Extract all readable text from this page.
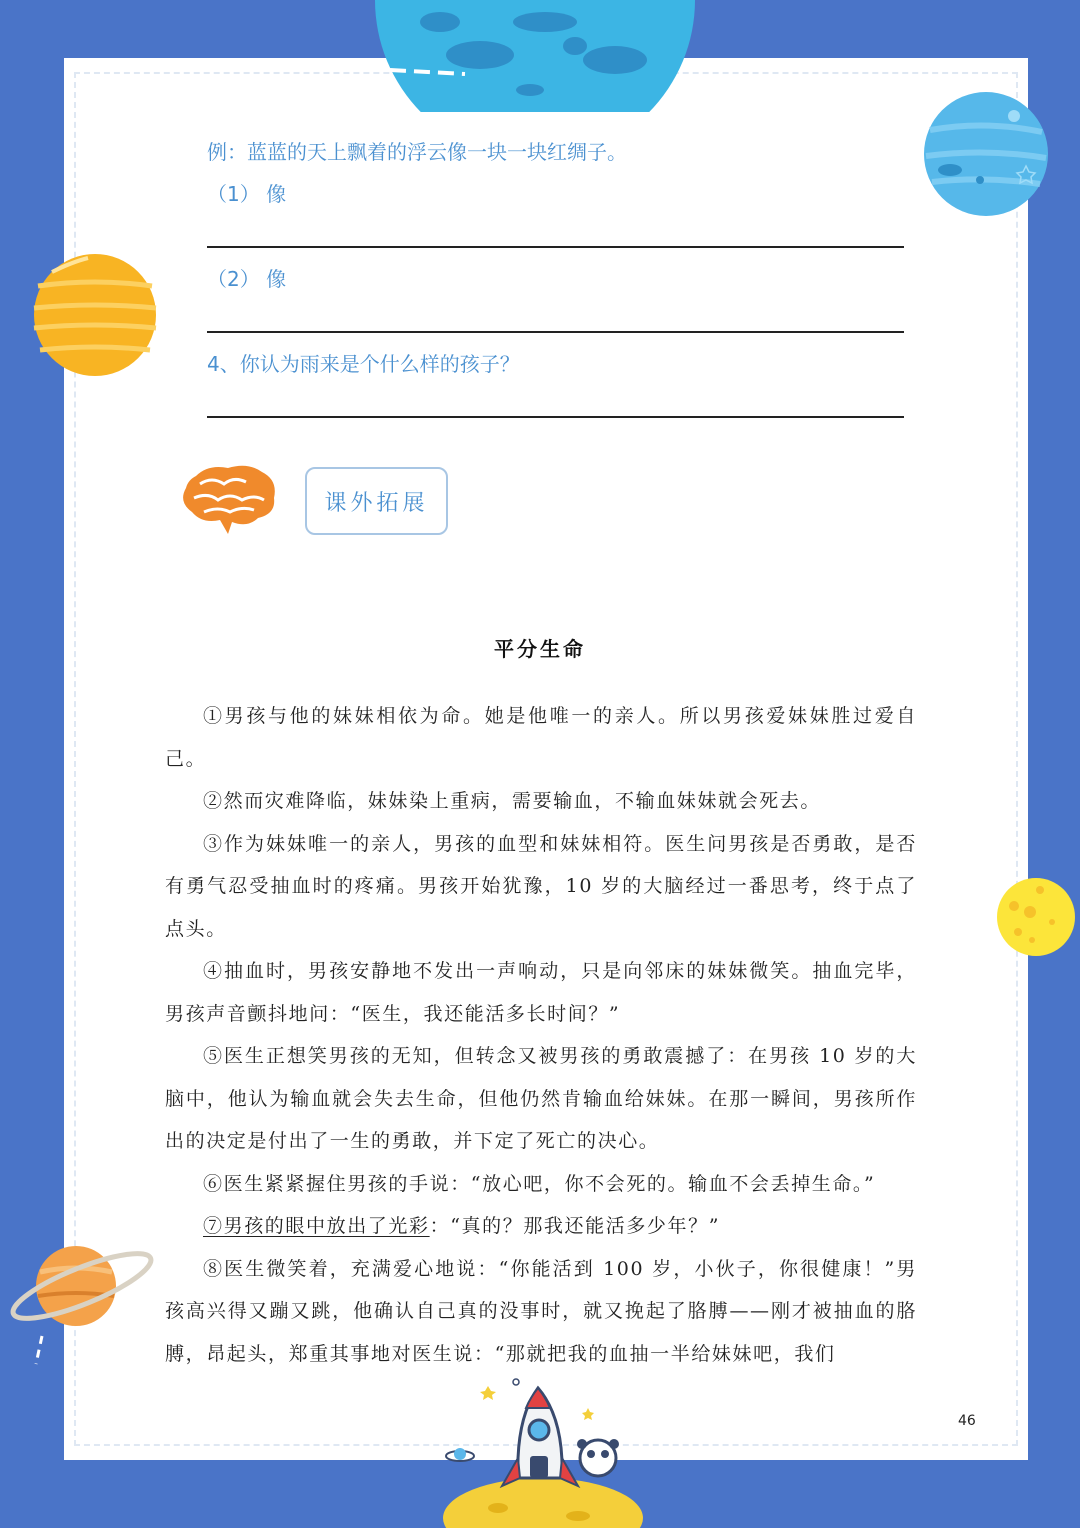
例：蓝蓝的天上飘着的浮云像一块一块红绸子。
（1） 像
（2） 像
4、你认为雨来是个什么样的孩子？
课外拓展
平分生命

①男孩与他的妹妹相依为命。她是他唯一的亲人。所以男孩爱妹妹胜过爱自己。

②然而灾难降临，妹妹染上重病，需要输血，不输血妹妹就会死去。

③作为妹妹唯一的亲人，男孩的血型和妹妹相符。医生问男孩是否勇敢，是否有勇气忍受抽血时的疼痛。男孩开始犹豫，10 岁的大脑经过一番思考，终于点了点头。

④抽血时，男孩安静地不发出一声响动，只是向邻床的妹妹微笑。抽血完毕，男孩声音颤抖地问：“医生，我还能活多长时间？”

⑤医生正想笑男孩的无知，但转念又被男孩的勇敢震撼了：在男孩 10 岁的大脑中，他认为输血就会失去生命，但他仍然肯输血给妹妹。在那一瞬间，男孩所作出的决定是付出了一生的勇敢，并下定了死亡的决心。

⑥医生紧紧握住男孩的手说：“放心吧，你不会死的。输血不会丢掉生命。”

⑦男孩的眼中放出了光彩：“真的？那我还能活多少年？”

⑧医生微笑着，充满爱心地说：“你能活到 100 岁，小伙子，你很健康！”男孩高兴得又蹦又跳，他确认自己真的没事时，就又挽起了胳膊——刚才被抽血的胳膊，昂起头，郑重其事地对医生说：“那就把我的血抽一半给妹妹吧，我们

46
